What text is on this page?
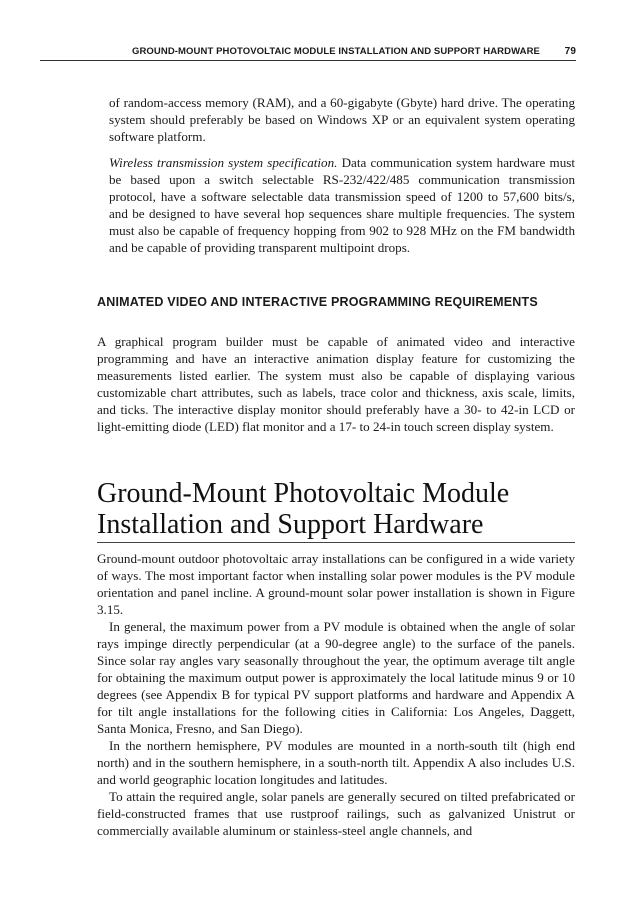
GROUND-MOUNT PHOTOVOLTAIC MODULE INSTALLATION AND SUPPORT HARDWARE 79
of random-access memory (RAM), and a 60-gigabyte (Gbyte) hard drive. The operating system should preferably be based on Windows XP or an equivalent system operating software platform.
Wireless transmission system specification. Data communication system hardware must be based upon a switch selectable RS-232/422/485 communication transmission protocol, have a software selectable data transmission speed of 1200 to 57,600 bits/s, and be designed to have several hop sequences share multiple frequencies. The system must also be capable of frequency hopping from 902 to 928 MHz on the FM bandwidth and be capable of providing transparent multipoint drops.
ANIMATED VIDEO AND INTERACTIVE PROGRAMMING REQUIREMENTS
A graphical program builder must be capable of animated video and interactive programming and have an interactive animation display feature for customizing the measurements listed earlier. The system must also be capable of displaying various customizable chart attributes, such as labels, trace color and thickness, axis scale, limits, and ticks. The interactive display monitor should preferably have a 30- to 42-in LCD or light-emitting diode (LED) flat monitor and a 17- to 24-in touch screen display system.
Ground-Mount Photovoltaic Module Installation and Support Hardware

Ground-mount outdoor photovoltaic array installations can be configured in a wide variety of ways. The most important factor when installing solar power modules is the PV module orientation and panel incline. A ground-mount solar power installation is shown in Figure 3.15.

In general, the maximum power from a PV module is obtained when the angle of solar rays impinge directly perpendicular (at a 90-degree angle) to the surface of the panels. Since solar ray angles vary seasonally throughout the year, the optimum average tilt angle for obtaining the maximum output power is approximately the local latitude minus 9 or 10 degrees (see Appendix B for typical PV support platforms and hardware and Appendix A for tilt angle installations for the following cities in California: Los Angeles, Daggett, Santa Monica, Fresno, and San Diego).

In the northern hemisphere, PV modules are mounted in a north-south tilt (high end north) and in the southern hemisphere, in a south-north tilt. Appendix A also includes U.S. and world geographic location longitudes and latitudes.

To attain the required angle, solar panels are generally secured on tilted prefabricated or field-constructed frames that use rustproof railings, such as galvanized Unistrut or commercially available aluminum or stainless-steel angle channels, and
